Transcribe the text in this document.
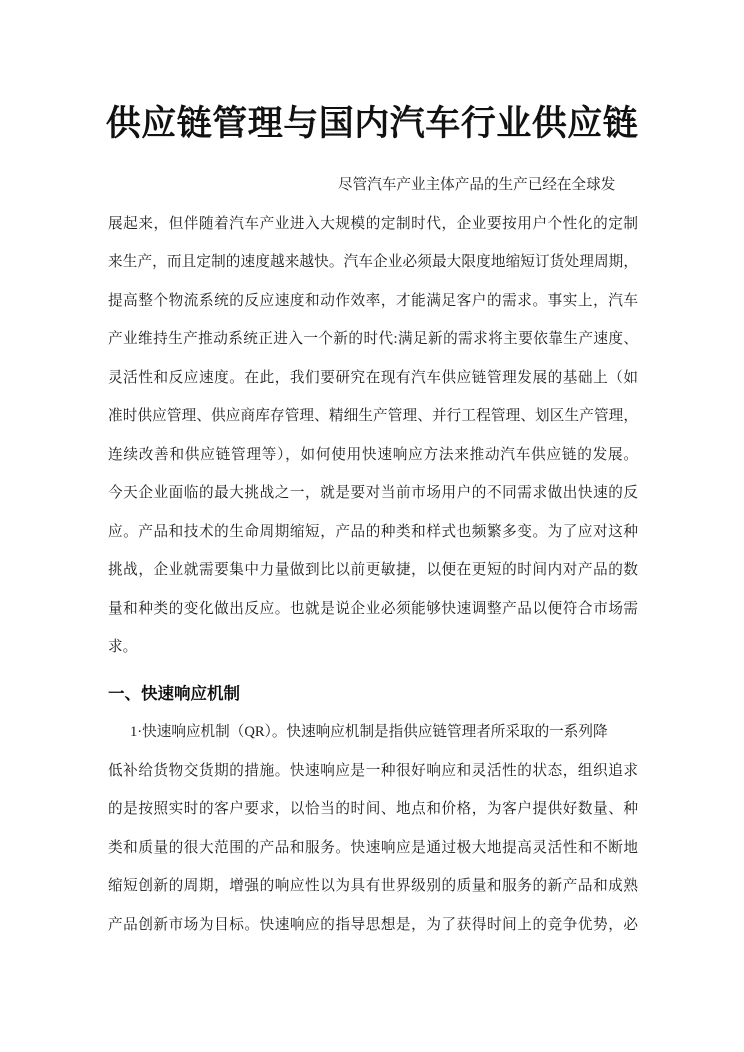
供应链管理与国内汽车行业供应链
尽管汽车产业主体产品的生产已经在全球发
展起来，但伴随着汽车产业进入大规模的定制时代，企业要按用户个性化的定制
来生产，而且定制的速度越来越快。汽车企业必须最大限度地缩短订货处理周期，
提高整个物流系统的反应速度和动作效率，才能满足客户的需求。事实上，汽车
产业维持生产推动系统正进入一个新的时代:满足新的需求将主要依靠生产速度、
灵活性和反应速度。在此，我们要研究在现有汽车供应链管理发展的基础上（如
准时供应管理、供应商库存管理、精细生产管理、并行工程管理、划区生产管理，
连续改善和供应链管理等），如何使用快速响应方法来推动汽车供应链的发展。
今天企业面临的最大挑战之一，就是要对当前市场用户的不同需求做出快速的反
应。产品和技术的生命周期缩短，产品的种类和样式也频繁多变。为了应对这种
挑战，企业就需要集中力量做到比以前更敏捷，以便在更短的时间内对产品的数
量和种类的变化做出反应。也就是说企业必须能够快速调整产品以便符合市场需
求。
一、快速响应机制
1·快速响应机制（QR）。快速响应机制是指供应链管理者所采取的一系列降
低补给货物交货期的措施。快速响应是一种很好响应和灵活性的状态，组织追求
的是按照实时的客户要求，以恰当的时间、地点和价格，为客户提供好数量、种
类和质量的很大范围的产品和服务。快速响应是通过极大地提高灵活性和不断地
缩短创新的周期，增强的响应性以为具有世界级别的质量和服务的新产品和成熟
产品创新市场为目标。快速响应的指导思想是，为了获得时间上的竞争优势，必
